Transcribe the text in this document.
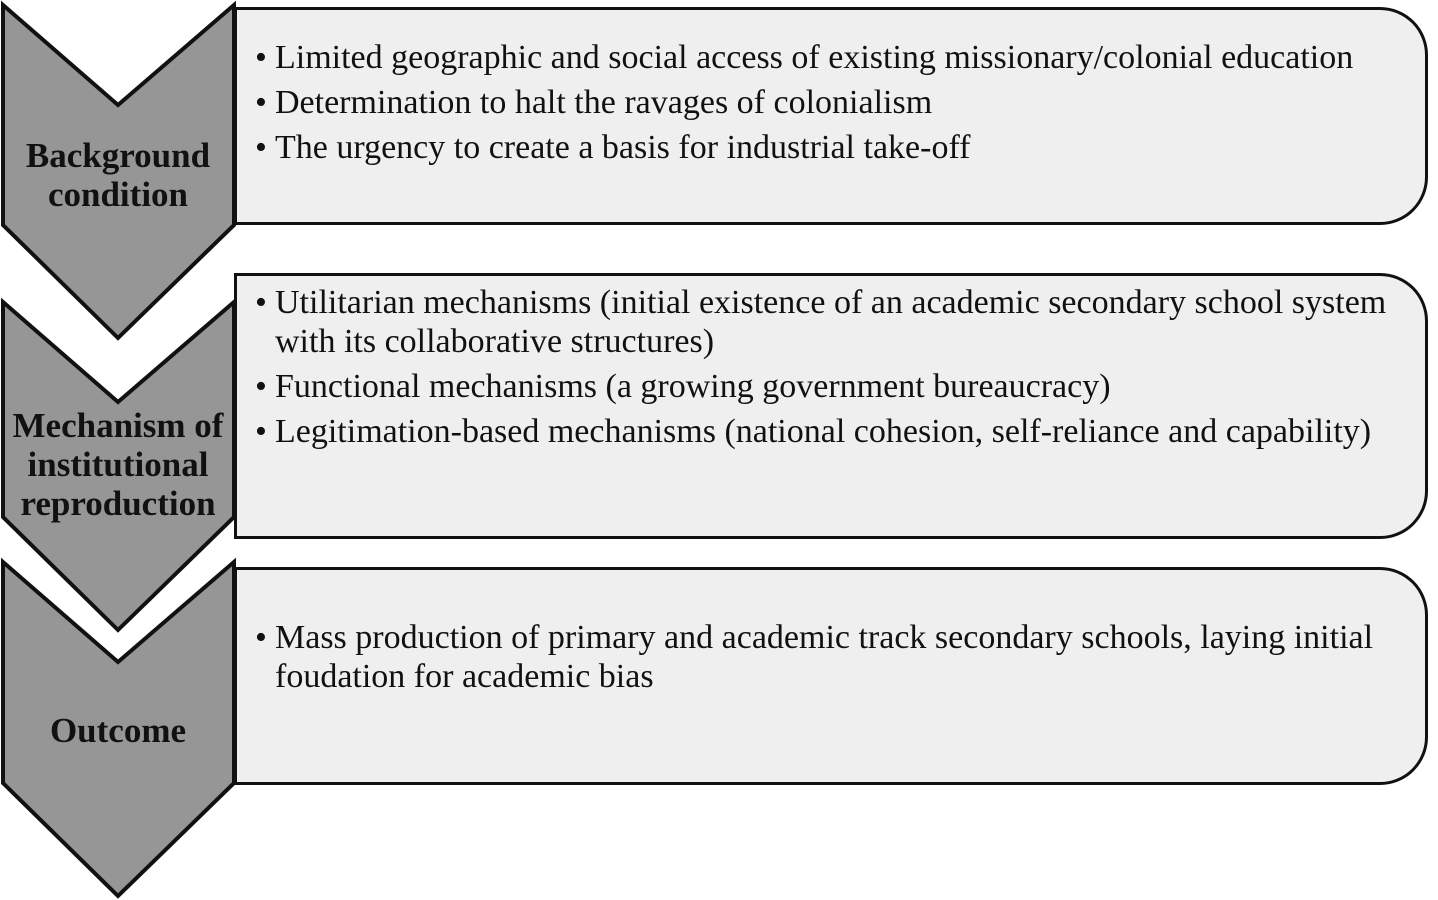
Background
condition
Mechanism of
institutional
reproduction
Outcome
• Limited geographic and social access of existing missionary/colonial education
• Determination to halt the ravages of colonialism
• The urgency to create a basis for industrial take-off
• Utilitarian mechanisms (initial existence of an academic secondary school system with its collaborative structures)
• Functional mechanisms (a growing government bureaucracy)
• Legitimation-based mechanisms (national cohesion, self-reliance and capability)
• Mass production of primary and academic track secondary schools, laying initial foudation for academic bias
